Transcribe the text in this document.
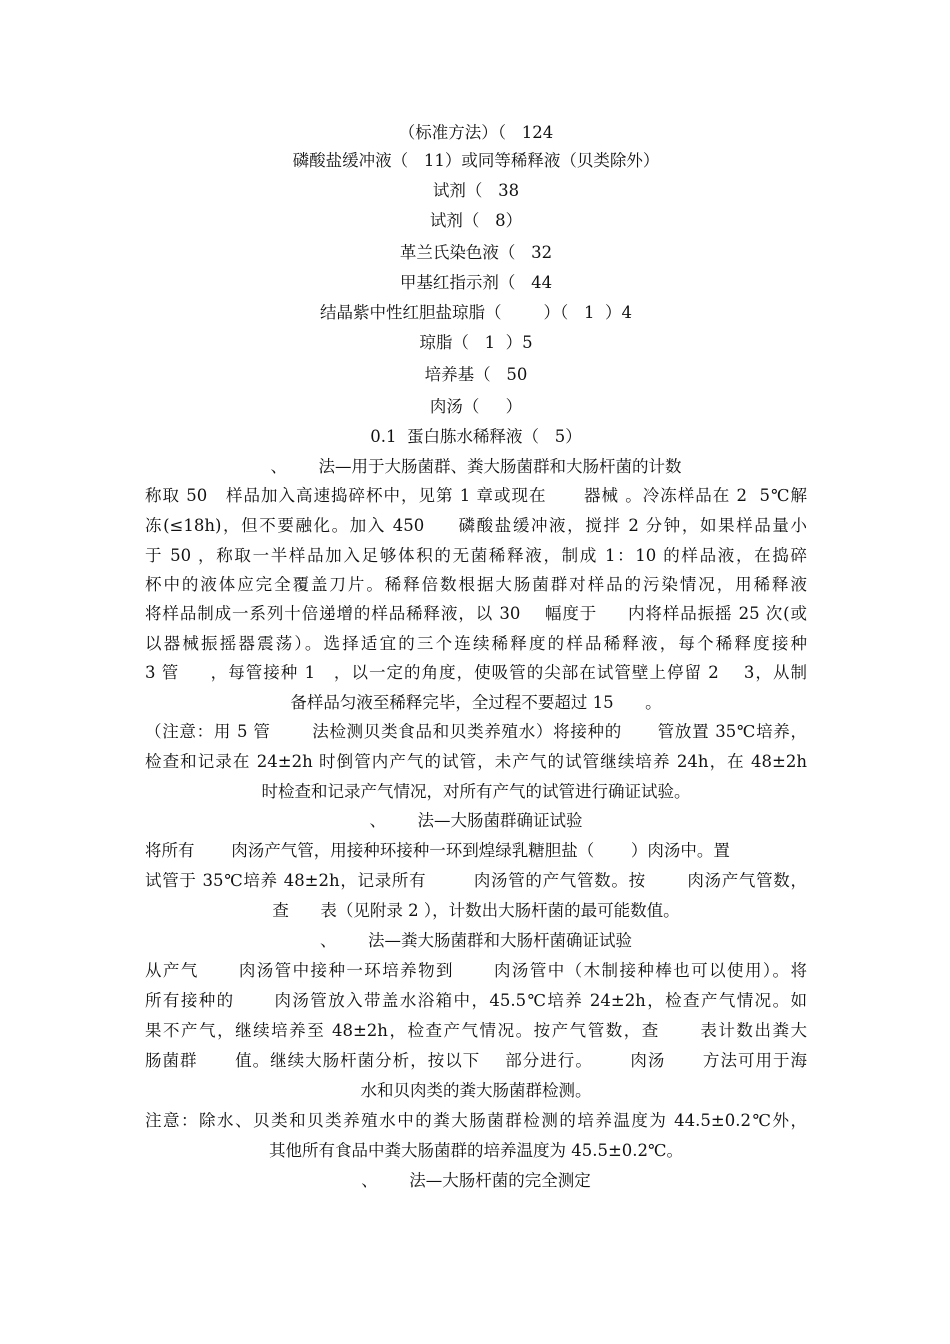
（标准方法）（   124
磷酸盐缓冲液（   11）或同等稀释液（贝类除外）
试剂（   38
试剂（   8）
革兰氏染色液（   32
甲基红指示剂（   44
结晶紫中性红胆盐琼脂（        ）（   1  ）4
琼脂（   1  ）5
培养基（   50
肉汤（     ）
0.1  蛋白胨水稀释液（   5）
、      法—用于大肠菌群、粪大肠菌群和大肠杆菌的计数
称取 50   样品加入高速捣碎杯中，见第 1 章或现在      器械 。冷冻样品在 2  5℃解
冻(≤18h)，但不要融化。加入 450     磷酸盐缓冲液，搅拌 2 分钟，如果样品量小
于 50 ，称取一半样品加入足够体积的无菌稀释液，制成 1：10 的样品液，在捣碎
杯中的液体应完全覆盖刀片。稀释倍数根据大肠菌群对样品的污染情况，用稀释液
将样品制成一系列十倍递增的样品稀释液，以 30    幅度于     内将样品振摇 25 次(或
以器械振摇器震荡）。选择适宜的三个连续稀释度的样品稀释液，每个稀释度接种
3 管     ，每管接种 1   ，以一定的角度，使吸管的尖部在试管壁上停留 2    3，从制
备样品匀液至稀释完毕，全过程不要超过 15      。
（注意：用 5 管       法检测贝类食品和贝类养殖水）将接种的      管放置 35℃培养，
检查和记录在 24±2h 时倒管内产气的试管，未产气的试管继续培养 24h，在 48±2h
时检查和记录产气情况，对所有产气的试管进行确证试验。
、      法—大肠菌群确证试验
将所有       肉汤产气管，用接种环接种一环到煌绿乳糖胆盐（       ）肉汤中。置
试管于 35℃培养 48±2h，记录所有        肉汤管的产气管数。按       肉汤产气管数，
查      表（见附录 2 ），计数出大肠杆菌的最可能数值。
、      法—粪大肠菌群和大肠杆菌确证试验
从产气      肉汤管中接种一环培养物到      肉汤管中（木制接种棒也可以使用）。将
所有接种的      肉汤管放入带盖水浴箱中，45.5℃培养 24±2h，检查产气情况。如
果不产气，继续培养至 48±2h，检查产气情况。按产气管数，查      表计数出粪大
肠菌群      值。继续大肠杆菌分析，按以下    部分进行。      肉汤      方法可用于海
水和贝肉类的粪大肠菌群检测。
注意：除水、贝类和贝类养殖水中的粪大肠菌群检测的培养温度为 44.5±0.2℃外，
其他所有食品中粪大肠菌群的培养温度为 45.5±0.2℃。
、      法—大肠杆菌的完全测定
